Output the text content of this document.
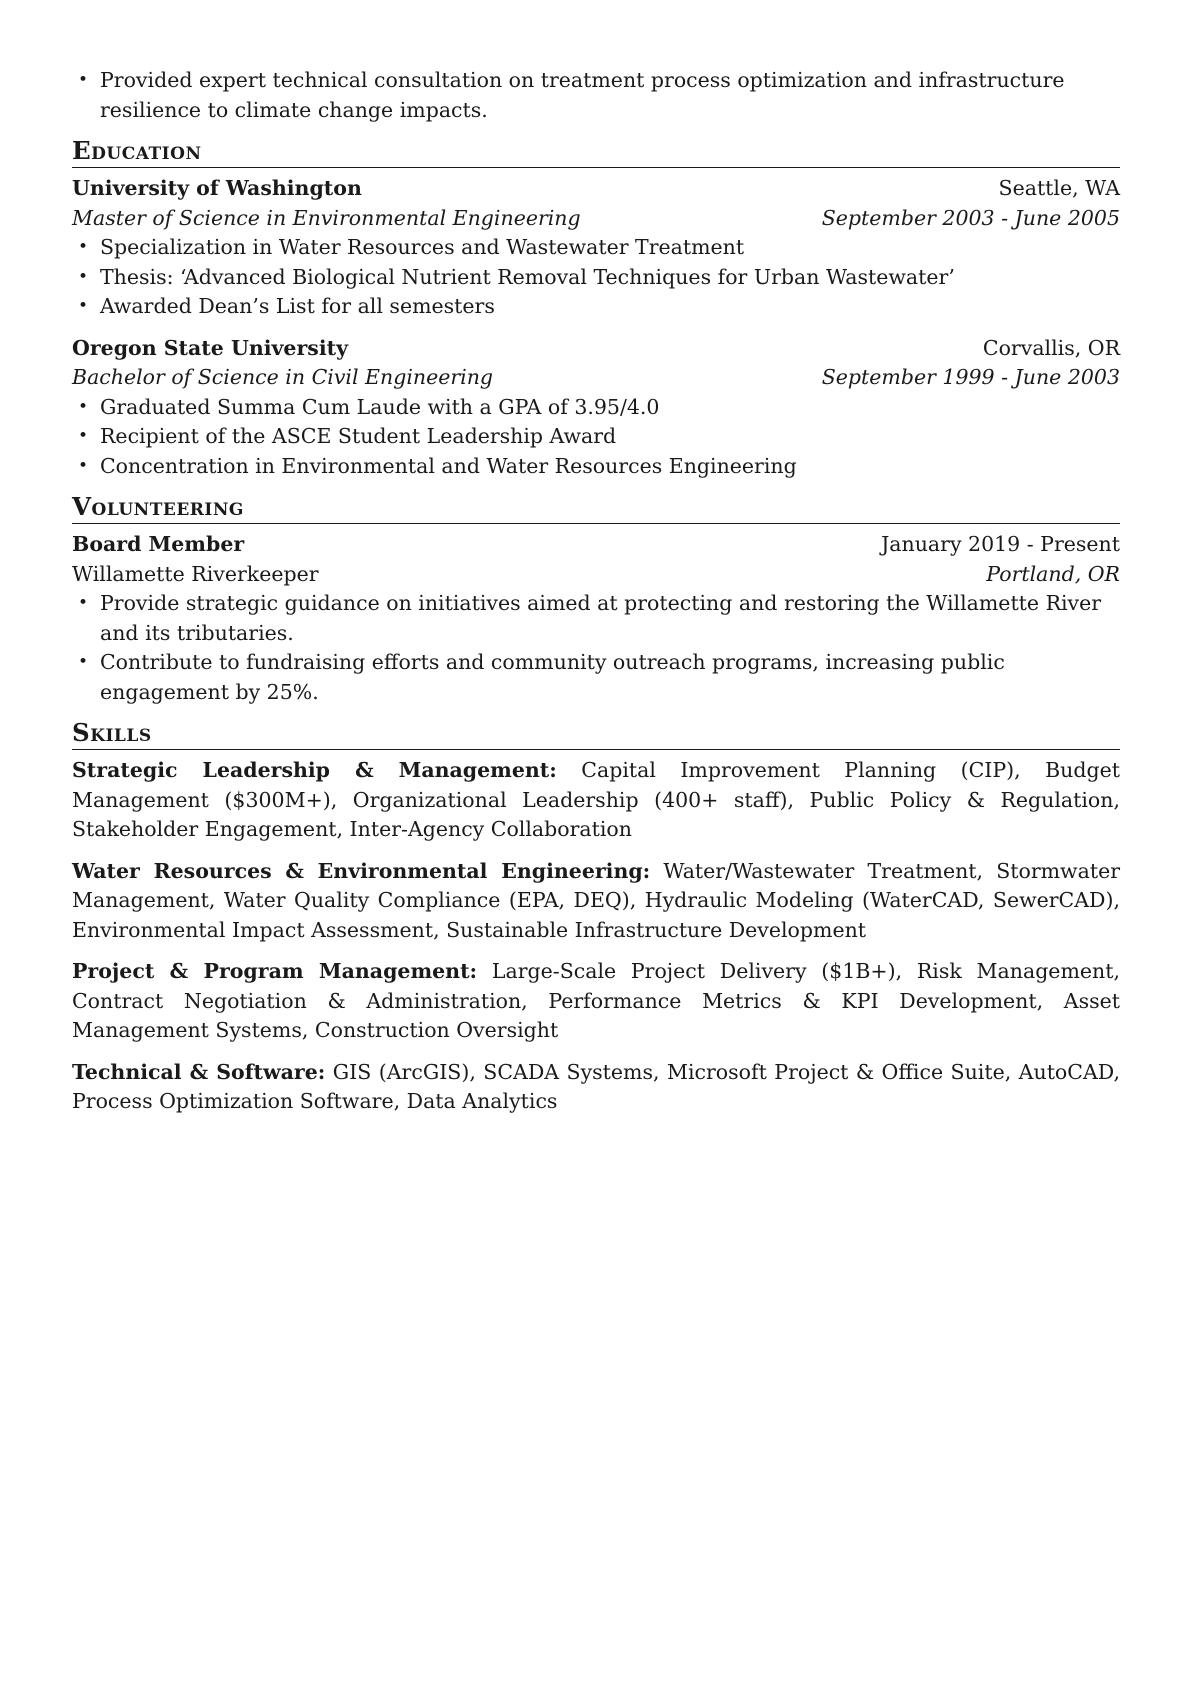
• Provided expert technical consultation on treatment process optimization and infrastructure resilience to climate change impacts.
Education
University of Washington	Seattle, WA
Master of Science in Environmental Engineering	September 2003 - June 2005
• Specialization in Water Resources and Wastewater Treatment
• Thesis: ‘Advanced Biological Nutrient Removal Techniques for Urban Wastewater’
• Awarded Dean’s List for all semesters
Oregon State University	Corvallis, OR
Bachelor of Science in Civil Engineering	September 1999 - June 2003
• Graduated Summa Cum Laude with a GPA of 3.95/4.0
• Recipient of the ASCE Student Leadership Award
• Concentration in Environmental and Water Resources Engineering
Volunteering
Board Member	January 2019 - Present
Willamette Riverkeeper	Portland, OR
• Provide strategic guidance on initiatives aimed at protecting and restoring the Willamette River and its tributaries.
• Contribute to fundraising efforts and community outreach programs, increasing public engagement by 25%.
Skills

Strategic Leadership & Management: Capital Improvement Planning (CIP), Budget Management ($300M+), Organizational Leadership (400+ staff), Public Policy & Regulation, Stakeholder Engagement, Inter-Agency Collaboration

Water Resources & Environmental Engineering: Water/Wastewater Treatment, Stormwater Management, Water Quality Compliance (EPA, DEQ), Hydraulic Modeling (WaterCAD, SewerCAD), Environmental Impact Assessment, Sustainable Infrastructure Development

Project & Program Management: Large-Scale Project Delivery ($1B+), Risk Management, Contract Negotiation & Administration, Performance Metrics & KPI Development, Asset Management Systems, Construction Oversight

Technical & Software: GIS (ArcGIS), SCADA Systems, Microsoft Project & Office Suite, AutoCAD, Process Optimization Software, Data Analytics
